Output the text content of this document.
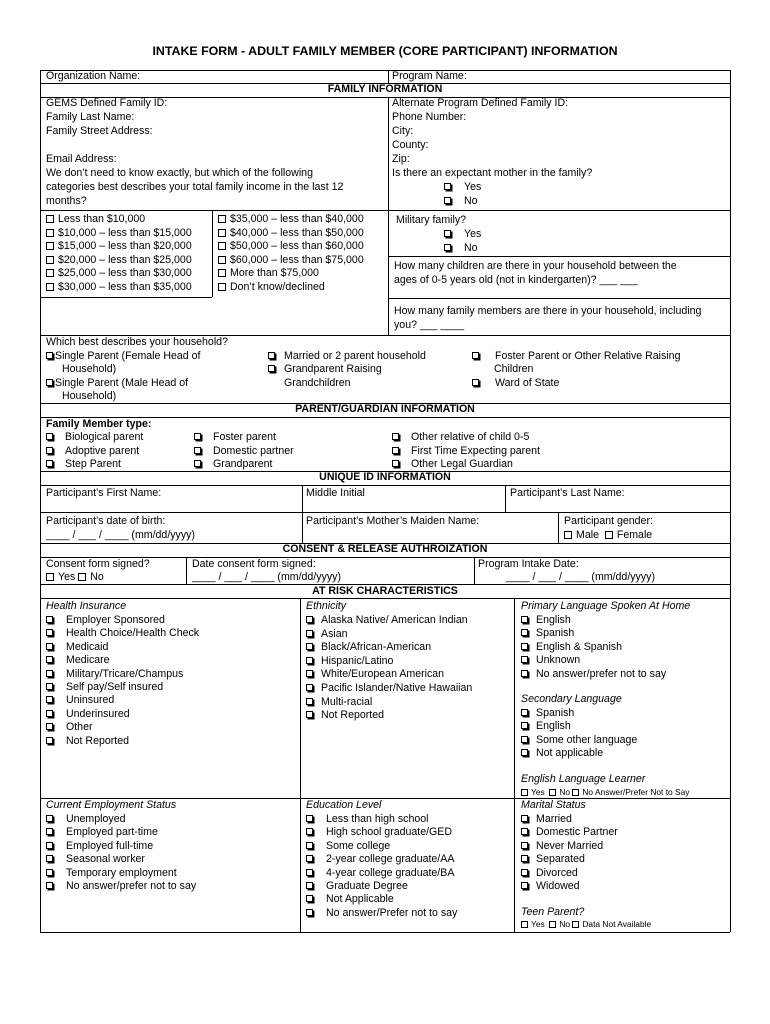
INTAKE FORM - ADULT FAMILY MEMBER (CORE PARTICIPANT) INFORMATION
Organization Name:	Program Name:
FAMILY INFORMATION
GEMS Defined Family ID:
Family Last Name:
Family Street Address:
Email Address:
We don’t need to know exactly, but which of the following
categories best describes your total family income in the last 12
months?
Alternate Program Defined Family ID:
Phone Number:
City:
County:
Zip:
Is there an expectant mother in the family?
Yes
No
Less than $10,000
$10,000 – less than $15,000
$15,000 – less than $20,000
$20,000 – less than $25,000
$25,000 – less than $30,000
$30,000 – less than $35,000
$35,000 – less than $40,000
$40,000 – less than $50,000
$50,000 – less than $60,000
$60,000 – less than $75,000
More than $75,000
Don’t know/declined
Military family?
Yes
No
How many children are there in your household between the
ages of 0-5 years old (not in kindergarten)? ___ ___
How many family members are there in your household, including
you? ___ ____
Which best describes your household?
Single Parent (Female Head of
Household)
Single Parent (Male Head of
Household)
Married or 2 parent household
Grandparent Raising
Grandchildren
Foster Parent or Other Relative Raising
Children
Ward of State
PARENT/GUARDIAN INFORMATION
Family Member type:
Biological parent
Adoptive parent
Step Parent
Foster parent
Domestic partner
Grandparent
Other relative of child 0-5
First Time Expecting parent
Other Legal Guardian
UNIQUE ID INFORMATION
Participant’s First Name:	Middle Initial	Participant’s Last Name:
Participant’s date of birth:
____ / ___ / ____ (mm/dd/yyyy)
Participant’s Mother’s Maiden Name:	Participant gender:
Male Female
CONSENT & RELEASE AUTHROIZATION
Consent form signed?
Yes No
Date consent form signed:
____ / ___ / ____ (mm/dd/yyyy)
Program Intake Date:
____ / ___ / ____ (mm/dd/yyyy)
AT RISK CHARACTERISTICS
Health Insurance
Employer Sponsored
Health Choice/Health Check
Medicaid
Medicare
Military/Tricare/Champus
Self pay/Self insured
Uninsured
Underinsured
Other
Not Reported
Ethnicity
Alaska Native/ American Indian
Asian
Black/African-American
Hispanic/Latino
White/European American
Pacific Islander/Native Hawaiian
Multi-racial
Not Reported
Primary Language Spoken At Home
English
Spanish
English & Spanish
Unknown
No answer/prefer not to say
Secondary Language
Spanish
English
Some other language
Not applicable
English Language Learner
Yes No No Answer/Prefer Not to Say
Current Employment Status
Unemployed
Employed part-time
Employed full-time
Seasonal worker
Temporary employment
No answer/prefer not to say
Education Level
Less than high school
High school graduate/GED
Some college
2-year college graduate/AA
4-year college graduate/BA
Graduate Degree
Not Applicable
No answer/Prefer not to say
Marital Status
Married
Domestic Partner
Never Married
Separated
Divorced
Widowed
Teen Parent?
Yes No Data Not Available
